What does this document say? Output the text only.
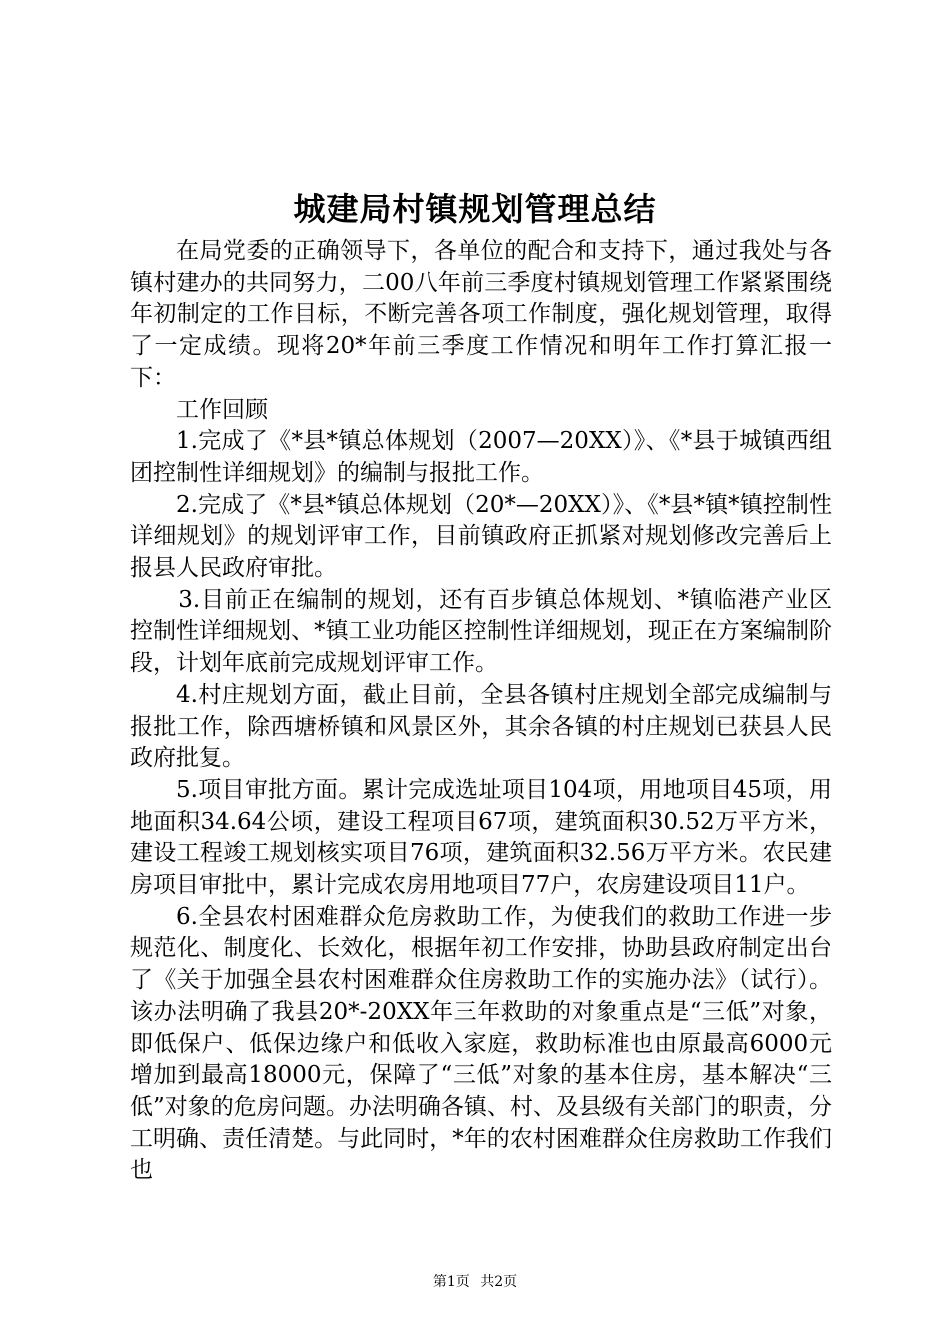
城建局村镇规划管理总结

在局党委的正确领导下，各单位的配合和支持下，通过我处与各镇村建办的共同努力，二00八年前三季度村镇规划管理工作紧紧围绕年初制定的工作目标，不断完善各项工作制度，强化规划管理，取得了一定成绩。现将20*年前三季度工作情况和明年工作打算汇报一下：

工作回顾

1.完成了《*县*镇总体规划（2007—20XX）》、《*县于城镇西组团控制性详细规划》的编制与报批工作。

2.完成了《*县*镇总体规划（20*—20XX）》、《*县*镇*镇控制性详细规划》的规划评审工作，目前镇政府正抓紧对规划修改完善后上报县人民政府审批。

3.目前正在编制的规划，还有百步镇总体规划、*镇临港产业区控制性详细规划、*镇工业功能区控制性详细规划，现正在方案编制阶段，计划年底前完成规划评审工作。

4.村庄规划方面，截止目前，全县各镇村庄规划全部完成编制与报批工作，除西塘桥镇和风景区外，其余各镇的村庄规划已获县人民政府批复。

5.项目审批方面。累计完成选址项目104项，用地项目45项，用地面积34.64公顷，建设工程项目67项，建筑面积30.52万平方米，建设工程竣工规划核实项目76项，建筑面积32.56万平方米。农民建房项目审批中，累计完成农房用地项目77户，农房建设项目11户。

6.全县农村困难群众危房救助工作，为使我们的救助工作进一步规范化、制度化、长效化，根据年初工作安排，协助县政府制定出台了《关于加强全县农村困难群众住房救助工作的实施办法》（试行）。该办法明确了我县20*-20XX年三年救助的对象重点是“三低”对象，即低保户、低保边缘户和低收入家庭，救助标准也由原最高6000元增加到最高18000元，保障了“三低”对象的基本住房，基本解决“三低”对象的危房问题。办法明确各镇、村、及县级有关部门的职责，分工明确、责任清楚。与此同时，*年的农村困难群众住房救助工作我们也

第1页 共2页
